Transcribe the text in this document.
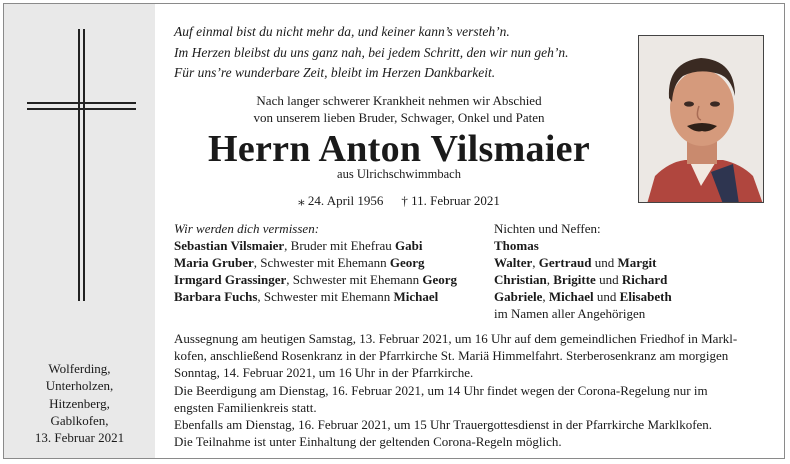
Wolferding,
Unterholzen,
Hitzenberg,
Gablkofen,
13. Februar 2021
Auf einmal bist du nicht mehr da, und keiner kann’s versteh’n.
Im Herzen bleibst du uns ganz nah, bei jedem Schritt, den wir nun geh’n.
Für uns’re wunderbare Zeit, bleibt im Herzen Dankbarkeit.
Nach langer schwerer Krankheit nehmen wir Abschied
von unserem lieben Bruder, Schwager, Onkel und Paten
Herrn Anton Vilsmaier
aus Ulrichschwimmbach
⁎ 24. April 1956 † 11. Februar 2021
Wir werden dich vermissen:
Sebastian Vilsmaier, Bruder mit Ehefrau Gabi
Maria Gruber, Schwester mit Ehemann Georg
Irmgard Grassinger, Schwester mit Ehemann Georg
Barbara Fuchs, Schwester mit Ehemann Michael
Nichten und Neffen:
Thomas
Walter, Gertraud und Margit
Christian, Brigitte und Richard
Gabriele, Michael und Elisabeth
im Namen aller Angehörigen
Aussegnung am heutigen Samstag, 13. Februar 2021, um 16 Uhr auf dem gemeindlichen Friedhof in Markl-
kofen, anschließend Rosenkranz in der Pfarrkirche St. Mariä Himmelfahrt. Sterberosenkranz am morgigen
Sonntag, 14. Februar 2021, um 16 Uhr in der Pfarrkirche.
Die Beerdigung am Dienstag, 16. Februar 2021, um 14 Uhr findet wegen der Corona-Regelung nur im
engsten Familienkreis statt.
Ebenfalls am Dienstag, 16. Februar 2021, um 15 Uhr Trauergottesdienst in der Pfarrkirche Marklkofen.
Die Teilnahme ist unter Einhaltung der geltenden Corona-Regeln möglich.
